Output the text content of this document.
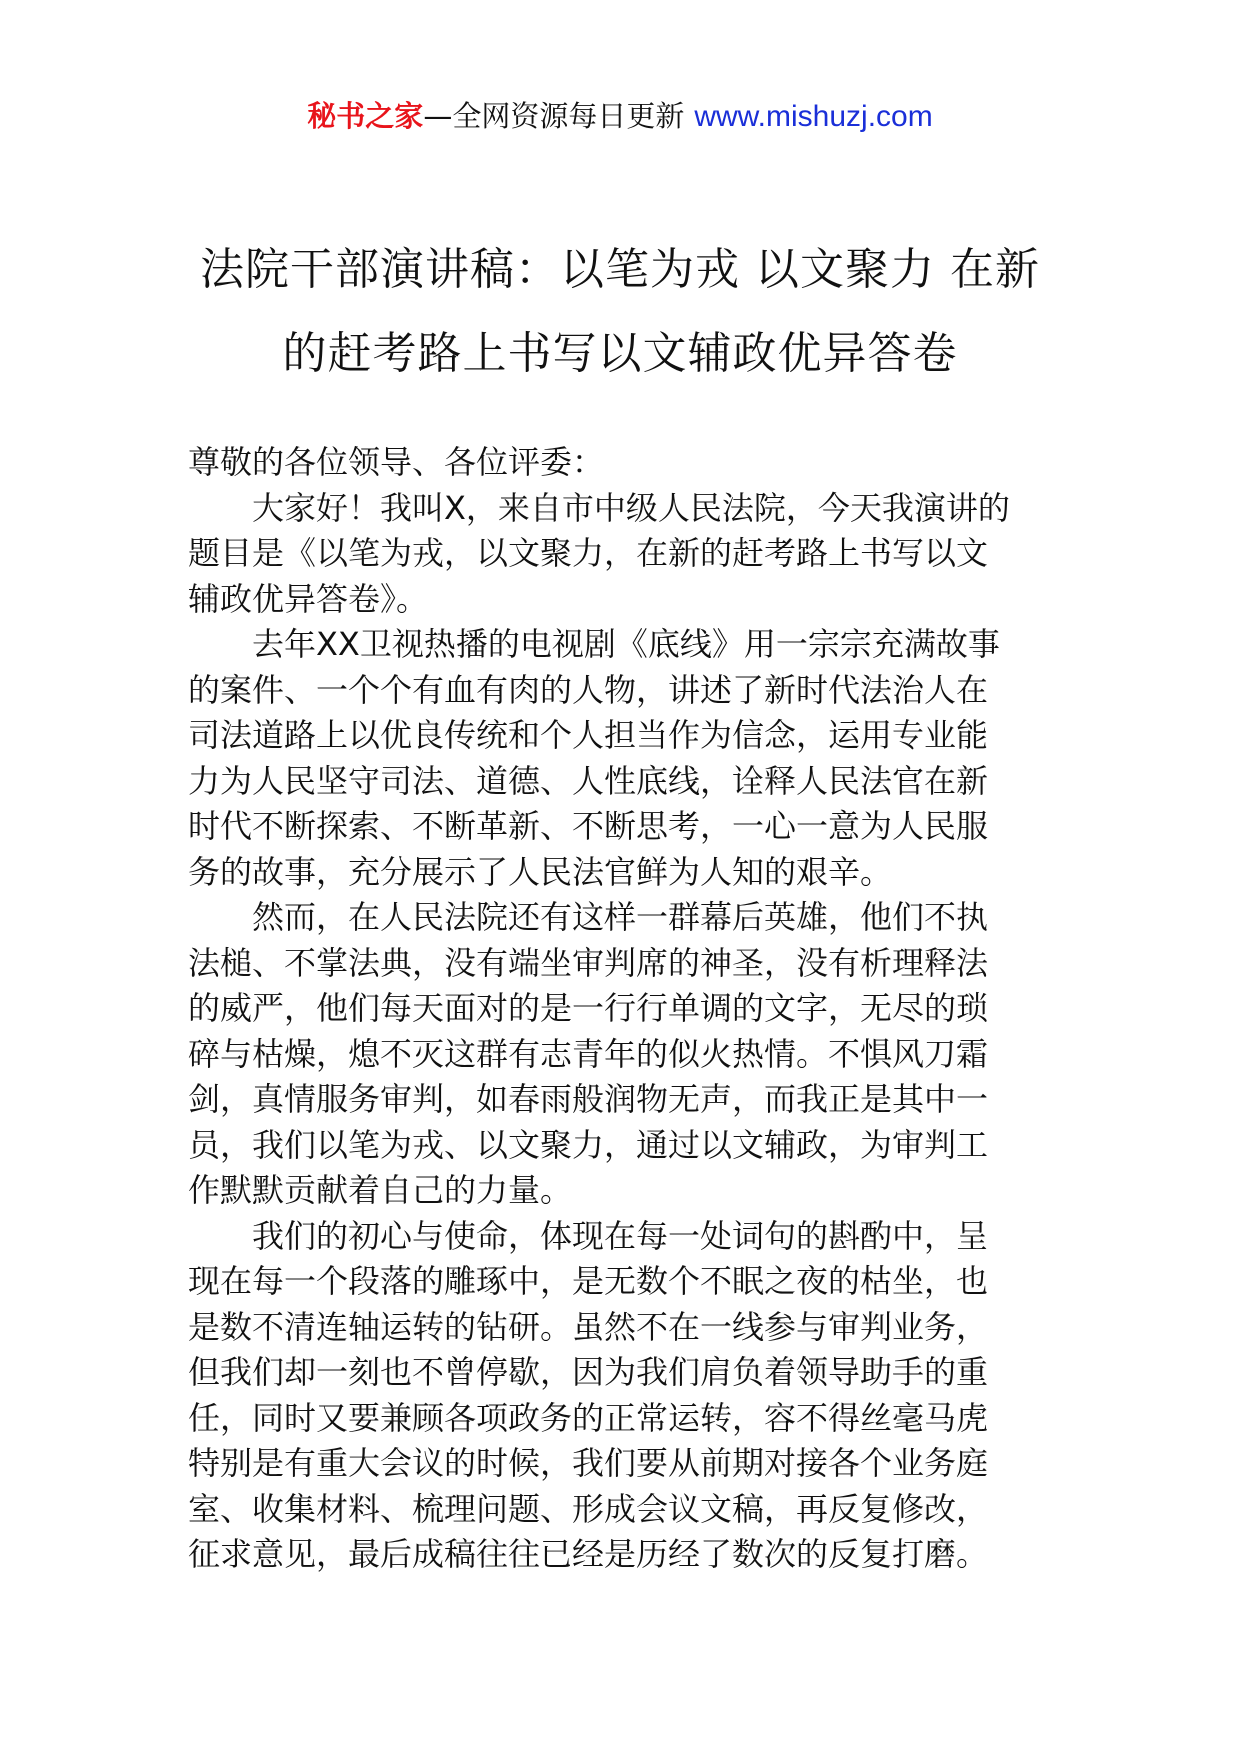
秘书之家—全网资源每日更新 www.mishuzj.com
法院干部演讲稿：以笔为戎 以文聚力 在新
的赶考路上书写以文辅政优异答卷

尊敬的各位领导、各位评委：

大家好！我叫X，来自市中级人民法院，今天我演讲的
题目是《以笔为戎，以文聚力，在新的赶考路上书写以文
辅政优异答卷》。

去年XX卫视热播的电视剧《底线》用一宗宗充满故事
的案件、一个个有血有肉的人物，讲述了新时代法治人在
司法道路上以优良传统和个人担当作为信念，运用专业能
力为人民坚守司法、道德、人性底线，诠释人民法官在新
时代不断探索、不断革新、不断思考，一心一意为人民服
务的故事，充分展示了人民法官鲜为人知的艰辛。

然而，在人民法院还有这样一群幕后英雄，他们不执
法槌、不掌法典，没有端坐审判席的神圣，没有析理释法
的威严，他们每天面对的是一行行单调的文字，无尽的琐
碎与枯燥，熄不灭这群有志青年的似火热情。不惧风刀霜
剑，真情服务审判，如春雨般润物无声，而我正是其中一
员，我们以笔为戎、以文聚力，通过以文辅政，为审判工
作默默贡献着自己的力量。

我们的初心与使命，体现在每一处词句的斟酌中，呈
现在每一个段落的雕琢中，是无数个不眠之夜的枯坐，也
是数不清连轴运转的钻研。虽然不在一线参与审判业务，
但我们却一刻也不曾停歇，因为我们肩负着领导助手的重
任，同时又要兼顾各项政务的正常运转，容不得丝毫马虎
特别是有重大会议的时候，我们要从前期对接各个业务庭
室、收集材料、梳理问题、形成会议文稿，再反复修改，
征求意见，最后成稿往往已经是历经了数次的反复打磨。
